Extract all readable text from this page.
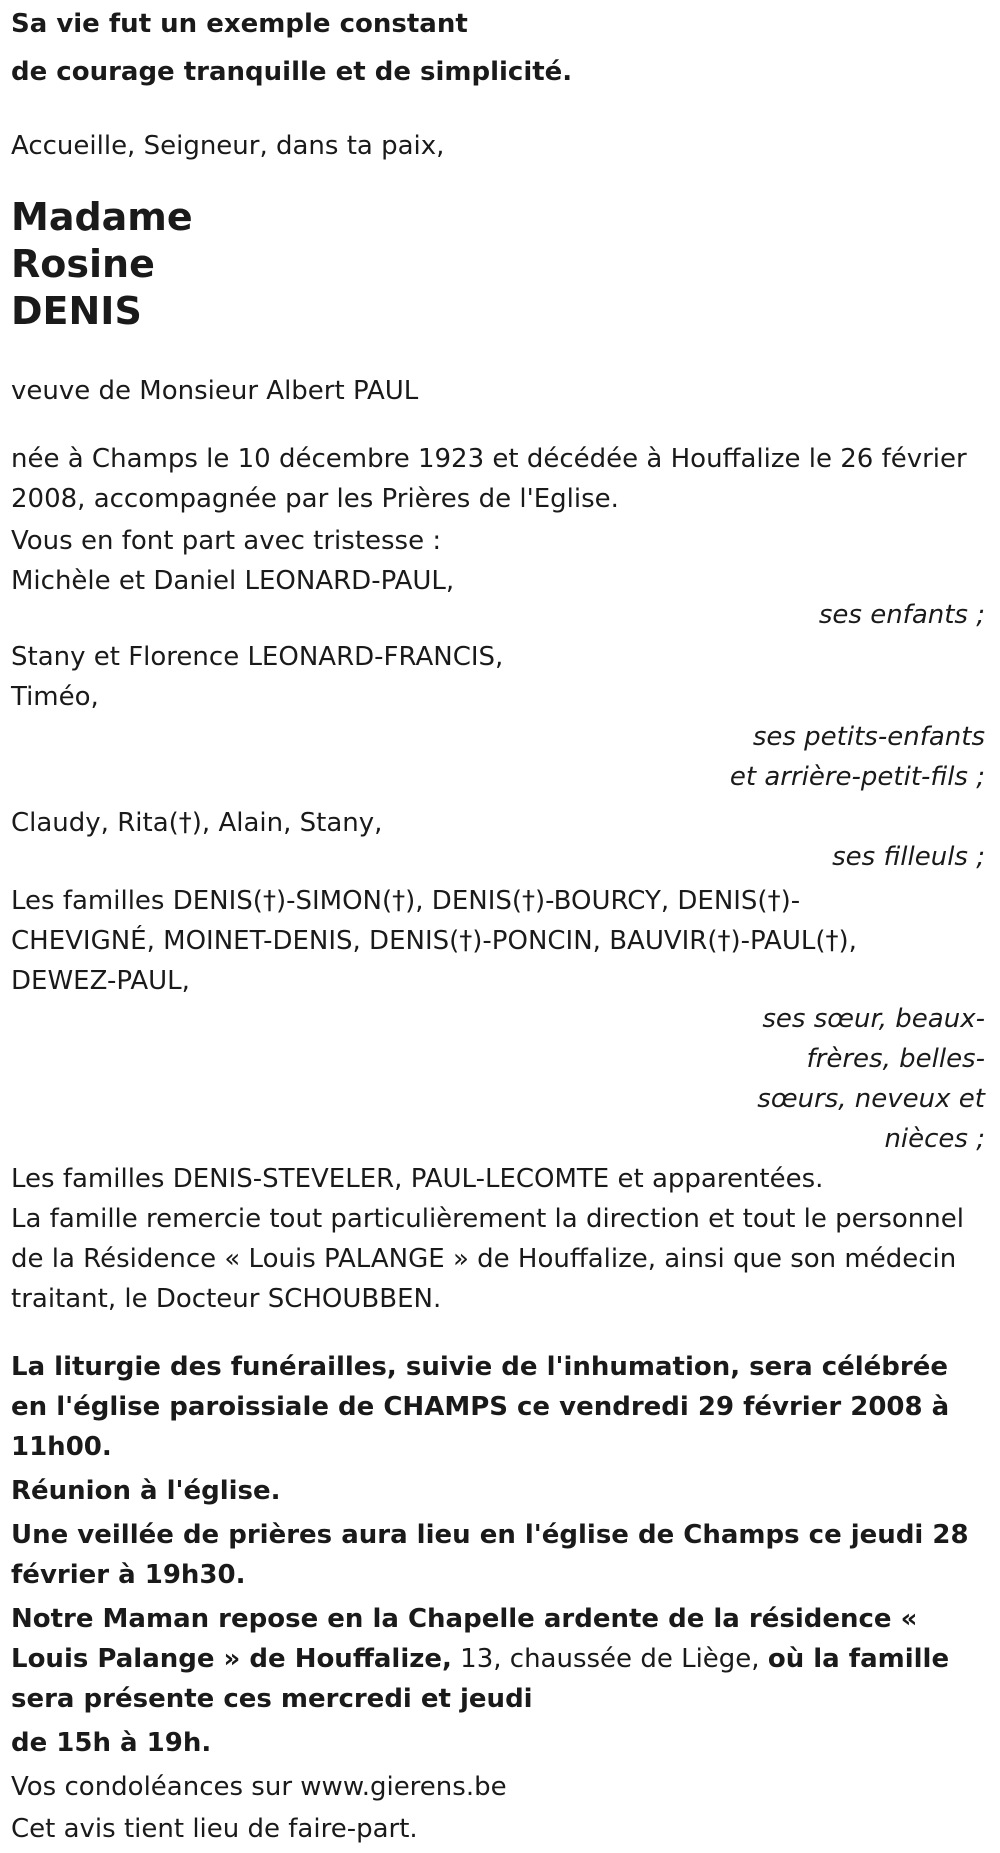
Sa vie fut un exemple constant

de courage tranquille et de simplicité.

Accueille, Seigneur, dans ta paix,

Madame

Rosine

DENIS

veuve de Monsieur Albert PAUL

née à Champs le 10 décembre 1923 et décédée à Houffalize le 26 février 2008, accompagnée par les Prières de l'Eglise.

Vous en font part avec tristesse :

Michèle et Daniel LEONARD-PAUL,

ses enfants ;

Stany et Florence LEONARD-FRANCIS,

Timéo,

ses petits-enfants

et arrière-petit-fils ;

Claudy, Rita(†), Alain, Stany,

ses filleuls ;

Les familles DENIS(†)-SIMON(†), DENIS(†)-BOURCY, DENIS(†)-CHEVIGNÉ, MOINET-DENIS, DENIS(†)-PONCIN, BAUVIR(†)-PAUL(†), DEWEZ-PAUL,

ses sœur, beaux-frères, belles-sœurs, neveux et nièces ;

Les familles DENIS-STEVELER, PAUL-LECOMTE et apparentées.

La famille remercie tout particulièrement la direction et tout le personnel de la Résidence « Louis PALANGE » de Houffalize, ainsi que son médecin traitant, le Docteur SCHOUBBEN.

La liturgie des funérailles, suivie de l'inhumation, sera célébrée en l'église paroissiale de CHAMPS ce vendredi 29 février 2008 à 11h00.

Réunion à l'église.

Une veillée de prières aura lieu en l'église de Champs ce jeudi 28 février à 19h30.

Notre Maman repose en la Chapelle ardente de la résidence « Louis Palange » de Houffalize, 13, chaussée de Liège, où la famille sera présente ces mercredi et jeudi

de 15h à 19h.

Vos condoléances sur www.gierens.be

Cet avis tient lieu de faire-part.
